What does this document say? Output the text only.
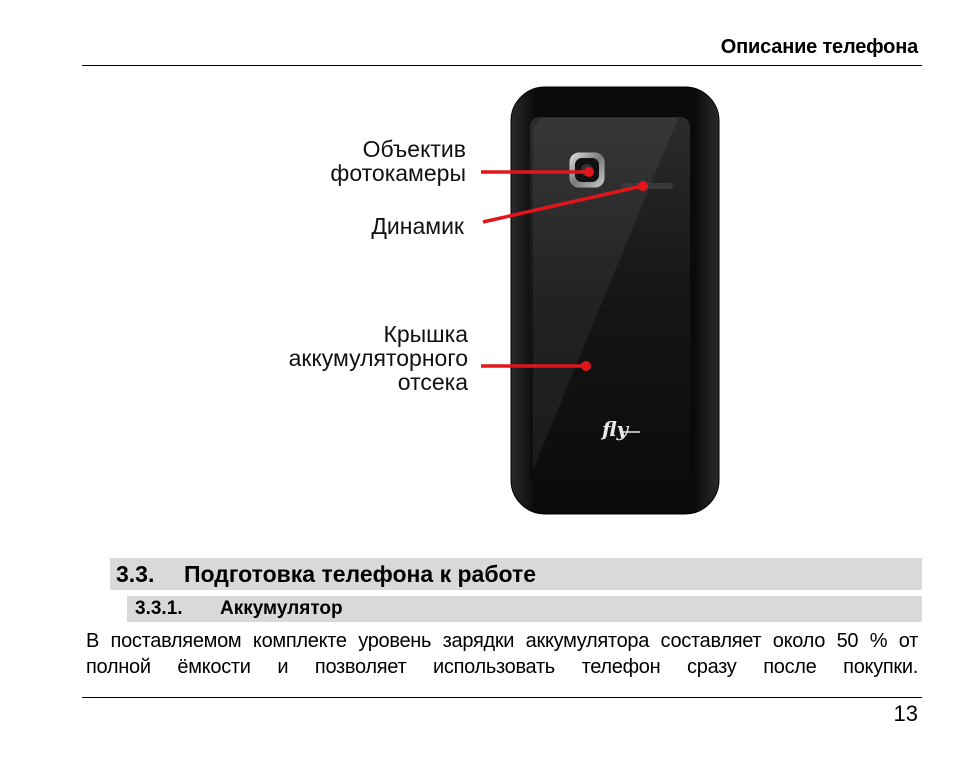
Описание телефона
fly
Объектив
фотокамеры
Динамик
Крышка
аккумуляторного
отсека
3.3. Подготовка телефона к работе
3.3.1. Аккумулятор
В поставляемом комплекте уровень зарядки аккумулятора составляет около 50 % от полной ёмкости и позволяет использовать телефон сразу после покупки.
13
